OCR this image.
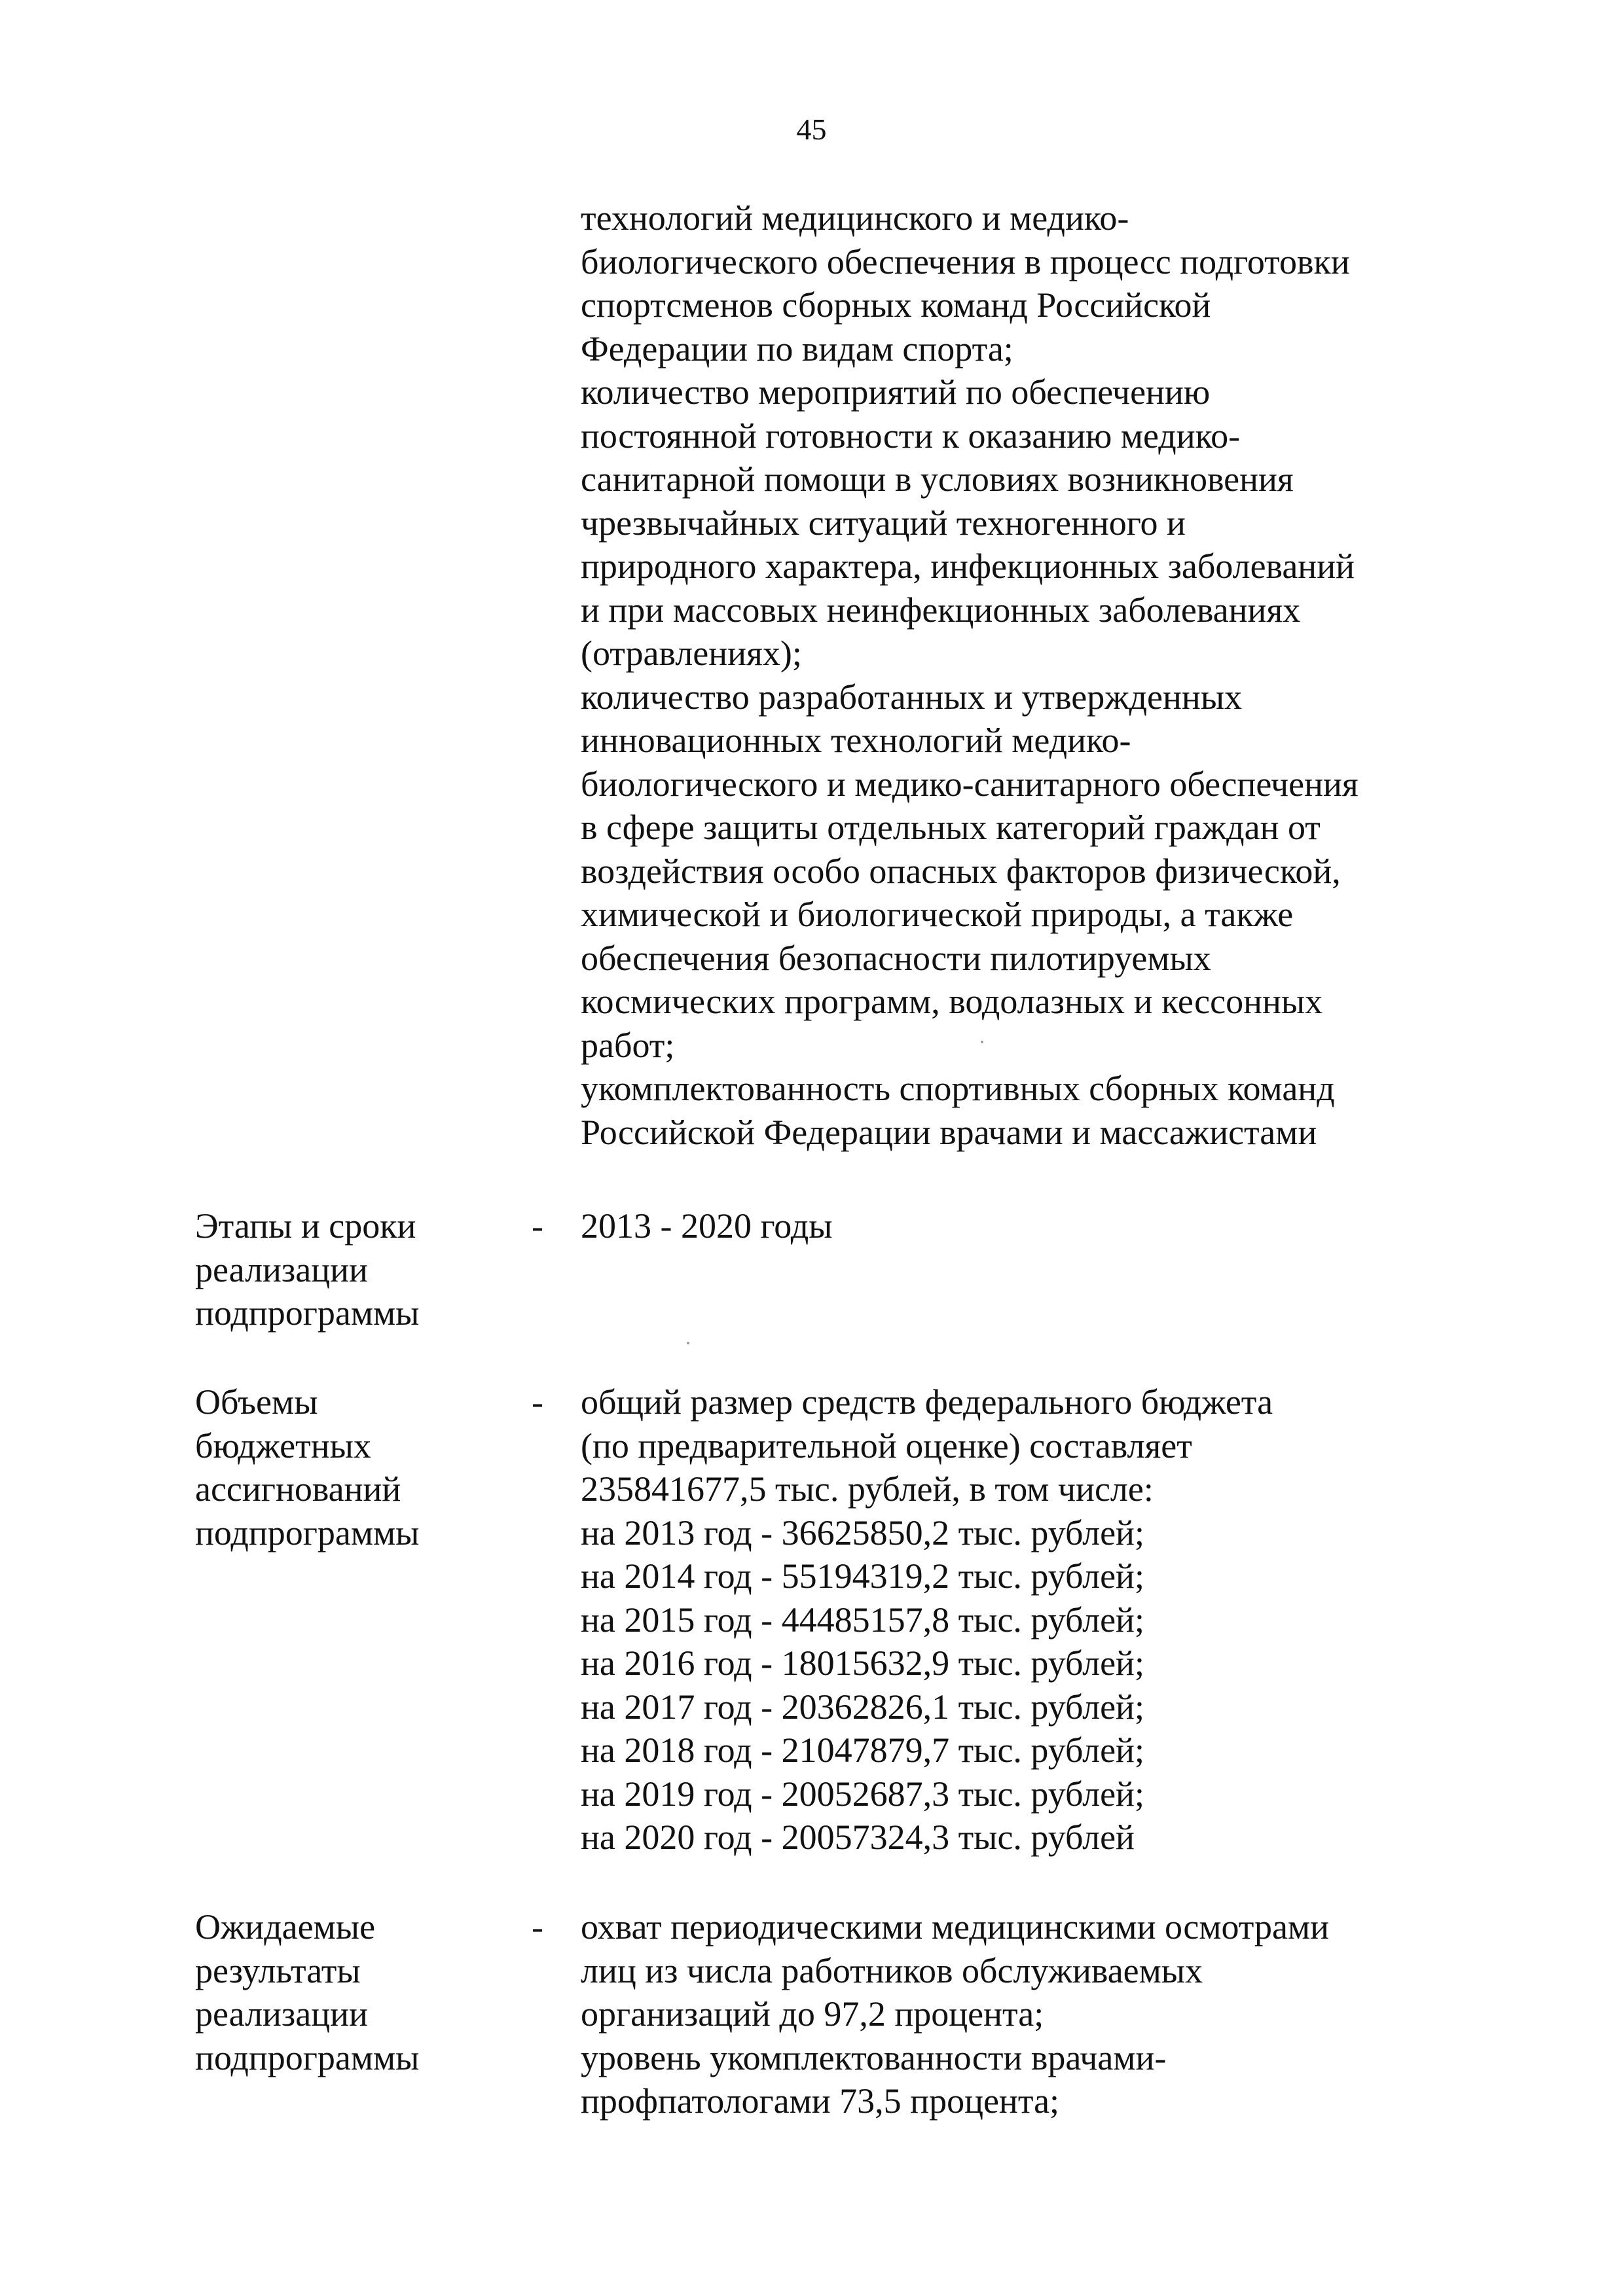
45
технологий медицинского и медико-
биологического обеспечения в процесс подготовки
спортсменов сборных команд Российской
Федерации по видам спорта;
количество мероприятий по обеспечению
постоянной готовности к оказанию медико-
санитарной помощи в условиях возникновения
чрезвычайных ситуаций техногенного и
природного характера, инфекционных заболеваний
и при массовых неинфекционных заболеваниях
(отравлениях);
количество разработанных и утвержденных
инновационных технологий медико-
биологического и медико-санитарного обеспечения
в сфере защиты отдельных категорий граждан от
воздействия особо опасных факторов физической,
химической и биологической природы, а также
обеспечения безопасности пилотируемых
космических программ, водолазных и кессонных
работ;
укомплектованность спортивных сборных команд
Российской Федерации врачами и массажистами
Этапы и сроки
реализации
подпрограммы
- 2013 - 2020 годы
Объемы
бюджетных
ассигнований
подпрограммы
- общий размер средств федерального бюджета
(по предварительной оценке) составляет
235841677,5 тыс. рублей, в том числе:
на 2013 год - 36625850,2 тыс. рублей;
на 2014 год - 55194319,2 тыс. рублей;
на 2015 год - 44485157,8 тыс. рублей;
на 2016 год - 18015632,9 тыс. рублей;
на 2017 год - 20362826,1 тыс. рублей;
на 2018 год - 21047879,7 тыс. рублей;
на 2019 год - 20052687,3 тыс. рублей;
на 2020 год - 20057324,3 тыс. рублей
Ожидаемые
результаты
реализации
подпрограммы
- охват периодическими медицинскими осмотрами
лиц из числа работников обслуживаемых
организаций до 97,2 процента;
уровень укомплектованности врачами-
профпатологами 73,5 процента;
